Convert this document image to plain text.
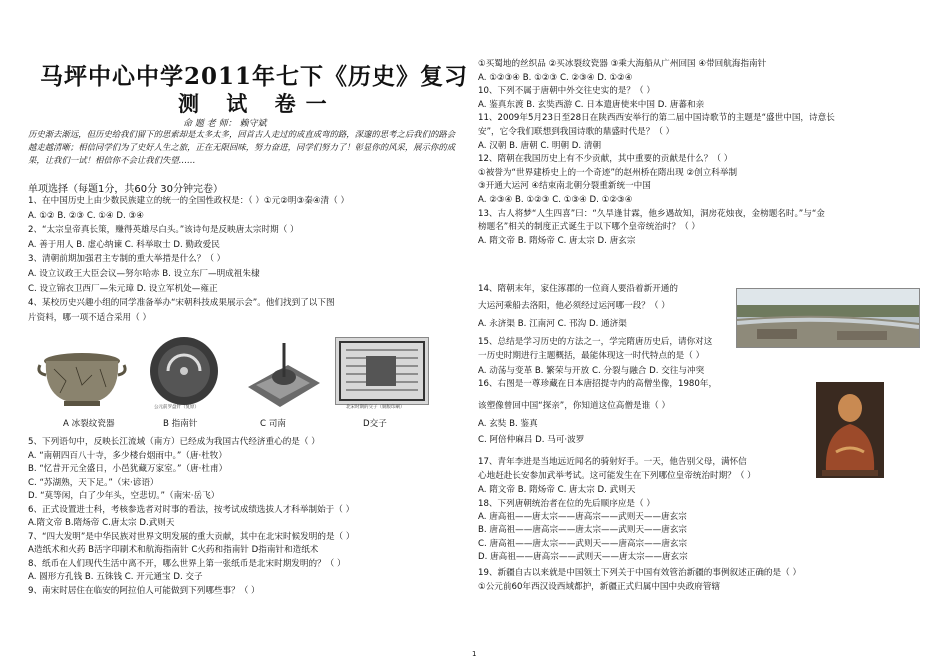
马坪中心中学2011年七下《历史》复习
测 试 卷一
命 题 老 师： 赖守斌
历史渐去渐远，但历史给我们留下的思索却是太多太多，回首古人走过的成直成弯的路，深邃的思考之后我们的路会越走越清晰；相信同学们为了史好人生之旅，正在无限回味，努力奋进，同学们努力了！彰显你的风采，展示你的成果，让我们一试！相信你不会让我们失望……
单项选择（每题1分，共60分 30分钟完卷）
1、在中国历史上由少数民族建立的统一的全国性政权是：（ ）①元②明③秦④清（ ）
A. ①② B. ②③ C. ①④ D. ③④
2、“太宗皇帝真长策，赚得英雄尽白头。”该诗句是反映唐太宗时期（ ）
A. 善于用人 B. 虚心纳谏 C. 科举取士 D. 勤政爱民
3、清朝前期加强君主专制的重大举措是什么？（ ）
A. 设立议政王大臣会议—努尔哈赤 B. 设立东厂—明成祖朱棣
C. 设立锦衣卫西厂—朱元璋 D. 设立军机处—雍正
4、某校历史兴趣小组的同学准备举办“宋朝科技成果展示会”。他们找到了以下图
片资料，哪一项不适合采用（ ）
公元前罗盘针（复原）	北宋时期的交子（铜版印刷）
A 冰裂纹瓷器	B 指南针	C 司南	D交子
5、下列语句中，反映长江流域（南方）已经成为我国古代经济重心的是（ ）
A. “南朝四百八十寺，多少楼台烟雨中。”（唐·杜牧）
B. “忆昔开元全盛日，小邑犹藏万家室。”（唐·杜甫）
C. “苏湖熟，天下足。”（宋·谚语）
D. “莫等闲，白了少年头，空悲切。”（南宋·岳飞）
6、正式设置进士科，考核参选者对时事的看法，按考试成绩选拔人才科举制始于（ ）
A.隋文帝 B.隋炀帝 C.唐太宗 D.武则天
7、“四大发明”是中华民族对世界文明发展的重大贡献，其中在北宋时候发明的是（ ）
A造纸术和火药 B活字印刷术和航海指南针 C火药和指南针 D指南针和造纸术
8、纸币在人们现代生活中离不开，哪么世界上第一张纸币是北宋时期发明的？（ ）
A. 圆形方孔钱 B. 五铢钱 C. 开元通宝 D. 交子
9、南宋时居住在临安的阿拉伯人可能做到下列哪些事？（ ）
①买蜀地的丝织品 ②买冰裂纹瓷器 ③乘大海船从广州回国 ④带回航海指南针
A. ①②③④ B. ①②③ C. ②③④ D. ①②④
10、下列不属于唐朝中外交往史实的是？（ ）
A. 鉴真东渡 B. 玄奘西游 C. 日本遣唐使来中国 D. 唐蕃和亲
11、2009年5月23日至28日在陕西西安举行的第二届中国诗歌节的主题是“盛世中国，诗意长
安”，它令我们联想到我国诗歌的鼎盛时代是？（ ）
A. 汉朝 B. 唐朝 C. 明朝 D. 清朝
12、隋朝在我国历史上有不少贡献，其中重要的贡献是什么？（ ）
①被誉为“世界建桥史上的一个奇迹”的赵州桥在隋出现 ②创立科举制
③开通大运河 ④结束南北朝分裂重新统一中国
A. ②③④ B. ①②③ C. ①③④ D. ①②③④
13、古人将梦“人生四喜”曰：“久旱逢甘霖，他乡遇故知，洞房花烛夜，金榜题名时。”与“金
榜题名”相关的制度正式诞生于以下哪个皇帝统治时？（ ）
A. 隋文帝 B. 隋炀帝 C. 唐太宗 D. 唐玄宗
14、隋朝末年，家住涿郡的一位商人要沿着新开通的
大运河乘船去洛阳，他必须经过运河哪一段？（ ）
A. 永济渠 B. 江南河 C. 邗沟 D. 通济渠
15、总结是学习历史的方法之一，学完隋唐历史后，请你对这
一历史时期进行主题概括，最能体现这一时代特点的是（ ）
A. 动荡与变革 B. 繁荣与开放 C. 分裂与融合 D. 交往与冲突
16、右图是一尊珍藏在日本唐招提寺内的高僧坐像，1980年，
该塑像曾回中国“探亲”，你知道这位高僧是谁（ ）
A. 玄奘 B. 鉴真
C. 阿倍仲麻吕 D. 马可·波罗
17、青年李进是当地远近闻名的骑射好手。一天，他告别父母，满怀信
心地赶赴长安参加武举考试。这可能发生在下列哪位皇帝统治时期？（ ）
A. 隋文帝 B. 隋炀帝 C. 唐太宗 D. 武则天
18、下列唐朝统治者在位的先后顺序应是（ ）
A. 唐高祖——唐太宗——唐高宗——武则天——唐玄宗
B. 唐高祖——唐高宗——唐太宗——武则天——唐玄宗
C. 唐高祖——唐太宗——武则天——唐高宗——唐玄宗
D. 唐高祖——唐高宗——武则天——唐太宗——唐玄宗
19、新疆自古以来就是中国领土下列关于中国有效管治新疆的事例叙述正确的是（ ）
①公元前60年西汉设西域都护，新疆正式归属中国中央政府管辖
1
